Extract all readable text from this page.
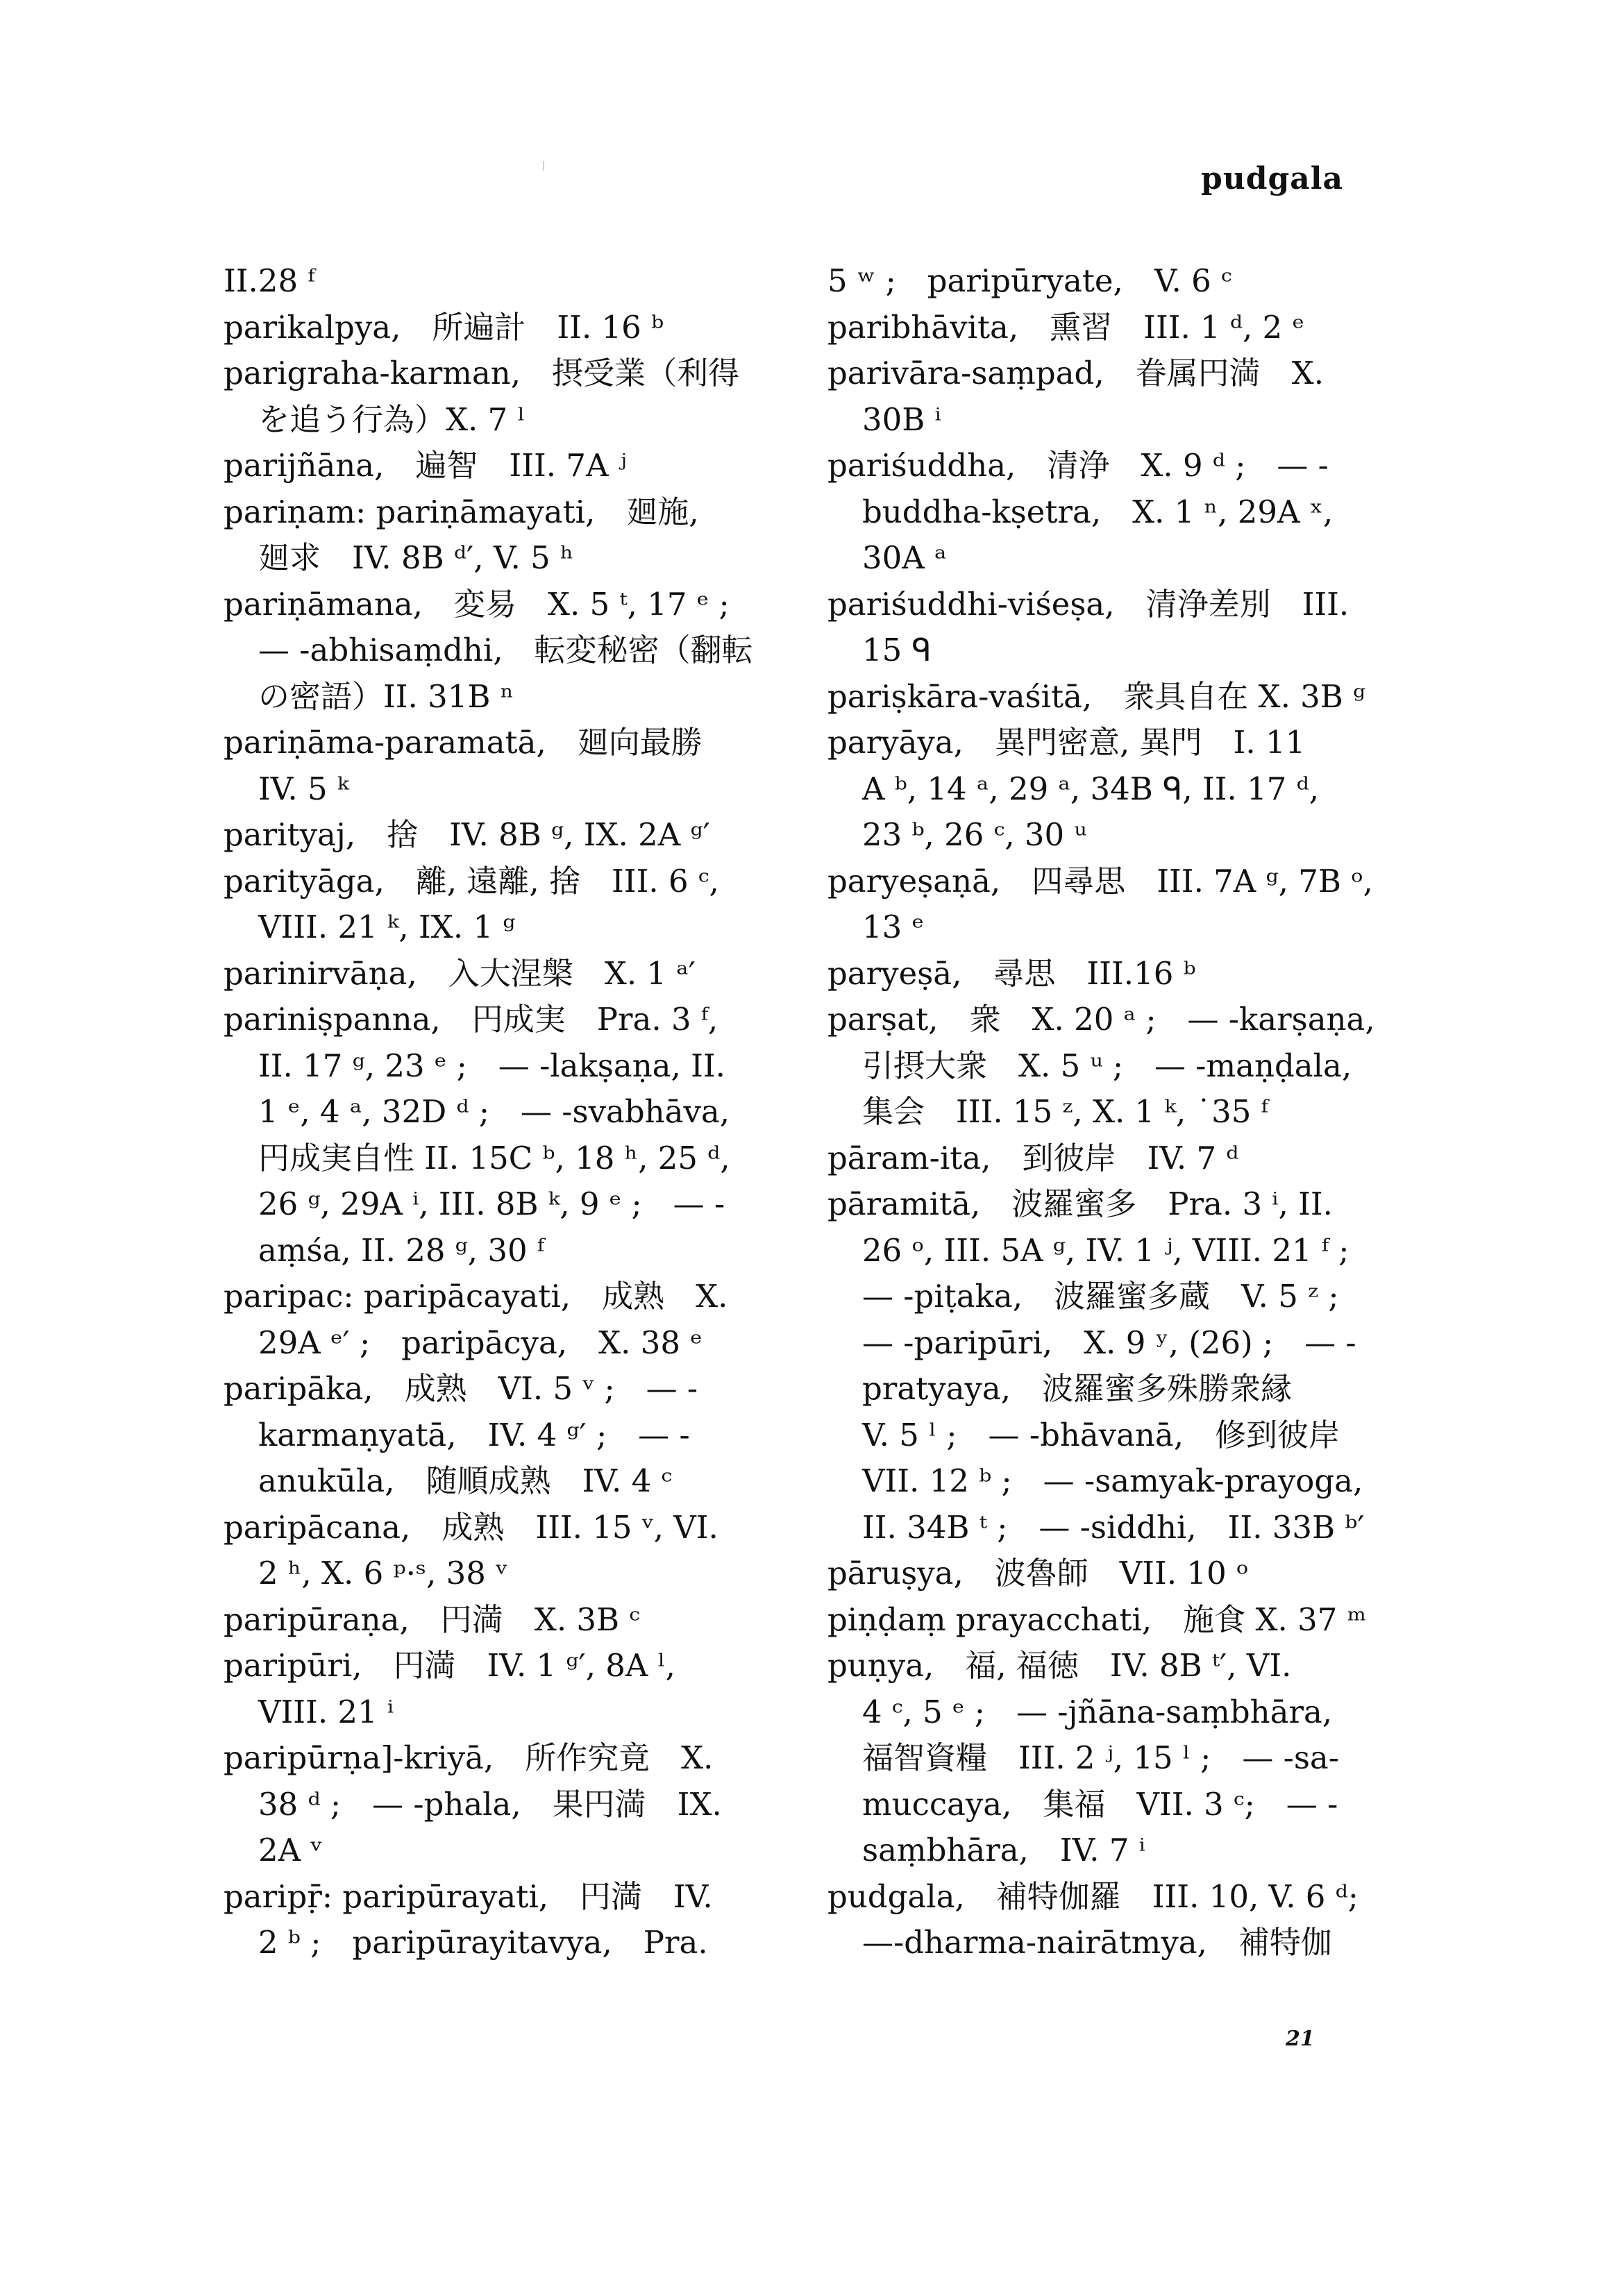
pudgala
II.28 ᶠ
parikalpya,　所遍計　II. 16 ᵇ
parigraha-karman,　摂受業（利得
を追う行為）X. 7 ˡ
parijñāna,　遍智　III. 7A ʲ
pariṇam: pariṇāmayati,　廻施,
廻求　IV. 8B ᵈ′, V. 5 ʰ
pariṇāmana,　変易　X. 5 ᵗ, 17 ᵉ ;
— -abhisaṃdhi,　転変秘密（翻転
の密語）II. 31B ⁿ
pariṇāma-paramatā,　廻向最勝
IV. 5 ᵏ
parityaj,　捨　IV. 8B ᵍ, IX. 2A ᵍ′
parityāga,　離, 遠離, 捨　III. 6 ᶜ,
VIII. 21 ᵏ, IX. 1 ᵍ
parinirvāṇa,　入大涅槃　X. 1 ᵃ′
pariniṣpanna,　円成実　Pra. 3 ᶠ,
II. 17 ᵍ, 23 ᵉ ;　— -lakṣaṇa, II.
1 ᵉ, 4 ᵃ, 32D ᵈ ;　— -svabhāva,
円成実自性 II. 15C ᵇ, 18 ʰ, 25 ᵈ,
26 ᵍ, 29A ⁱ, III. 8B ᵏ, 9 ᵉ ;　— -
aṃśa, II. 28 ᵍ, 30 ᶠ
paripac: paripācayati,　成熟　X.
29A ᵉ′ ;　paripācya,　X. 38 ᵉ
paripāka,　成熟　VI. 5 ᵛ ;　— -
karmaṇyatā,　IV. 4 ᵍ′ ;　— -
anukūla,　随順成熟　IV. 4 ᶜ
paripācana,　成熟　III. 15 ᵛ, VI.
2 ʰ, X. 6 ᵖ·ˢ, 38 ᵛ
paripūraṇa,　円満　X. 3B ᶜ
paripūri,　円満　IV. 1 ᵍ′, 8A ˡ,
VIII. 21 ⁱ
paripūrṇa]-kriyā,　所作究竟　X.
38 ᵈ ;　— -phala,　果円満　IX.
2A ᵛ
paripṝ: paripūrayati,　円満　IV.
2 ᵇ ;　paripūrayitavya,　Pra.
5 ʷ ;　paripūryate,　V. 6 ᶜ
paribhāvita,　熏習　III. 1 ᵈ, 2 ᵉ
parivāra-saṃpad,　眷属円満　X.
30B ⁱ
pariśuddha,　清浄　X. 9 ᵈ ;　— -
buddha-kṣetra,　X. 1 ⁿ, 29A ˣ,
30A ᵃ
pariśuddhi-viśeṣa,　清浄差別　III.
15 ᑫ
pariṣkāra-vaśitā,　衆具自在 X. 3B ᵍ
paryāya,　異門密意, 異門　I. 11
A ᵇ, 14 ᵃ, 29 ᵃ, 34B ᑫ, II. 17 ᵈ,
23 ᵇ, 26 ᶜ, 30 ᵘ
paryeṣaṇā,　四尋思　III. 7A ᵍ, 7B ᵒ,
13 ᵉ
paryeṣā,　尋思　III.16 ᵇ
parṣat,　衆　X. 20 ᵃ ;　— -karṣaṇa,
引摂大衆　X. 5 ᵘ ;　— -maṇḍala,
集会　III. 15 ᶻ, X. 1 ᵏ, ˙35 ᶠ
pāram-ita,　到彼岸　IV. 7 ᵈ
pāramitā,　波羅蜜多　Pra. 3 ⁱ, II.
26 ᵒ, III. 5A ᵍ, IV. 1 ʲ, VIII. 21 ᶠ ;
— -piṭaka,　波羅蜜多蔵　V. 5 ᶻ ;
— -paripūri,　X. 9 ʸ, (26) ;　— -
pratyaya,　波羅蜜多殊勝衆縁
V. 5 ˡ ;　— -bhāvanā,　修到彼岸
VII. 12 ᵇ ;　— -samyak-prayoga,
II. 34B ᵗ ;　— -siddhi,　II. 33B ᵇ′
pāruṣya,　波魯師　VII. 10 ᵒ
piṇḍaṃ prayacchati,　施食 X. 37 ᵐ
puṇya,　福, 福徳　IV. 8B ᵗ′, VI.
4 ᶜ, 5 ᵉ ;　— -jñāna-saṃbhāra,
福智資糧　III. 2 ʲ, 15 ˡ ;　— -sa-
muccaya,　集福　VII. 3 ᶜ;　— -
saṃbhāra,　IV. 7 ⁱ
pudgala,　補特伽羅　III. 10, V. 6 ᵈ;
—-dharma-nairātmya,　補特伽
21
